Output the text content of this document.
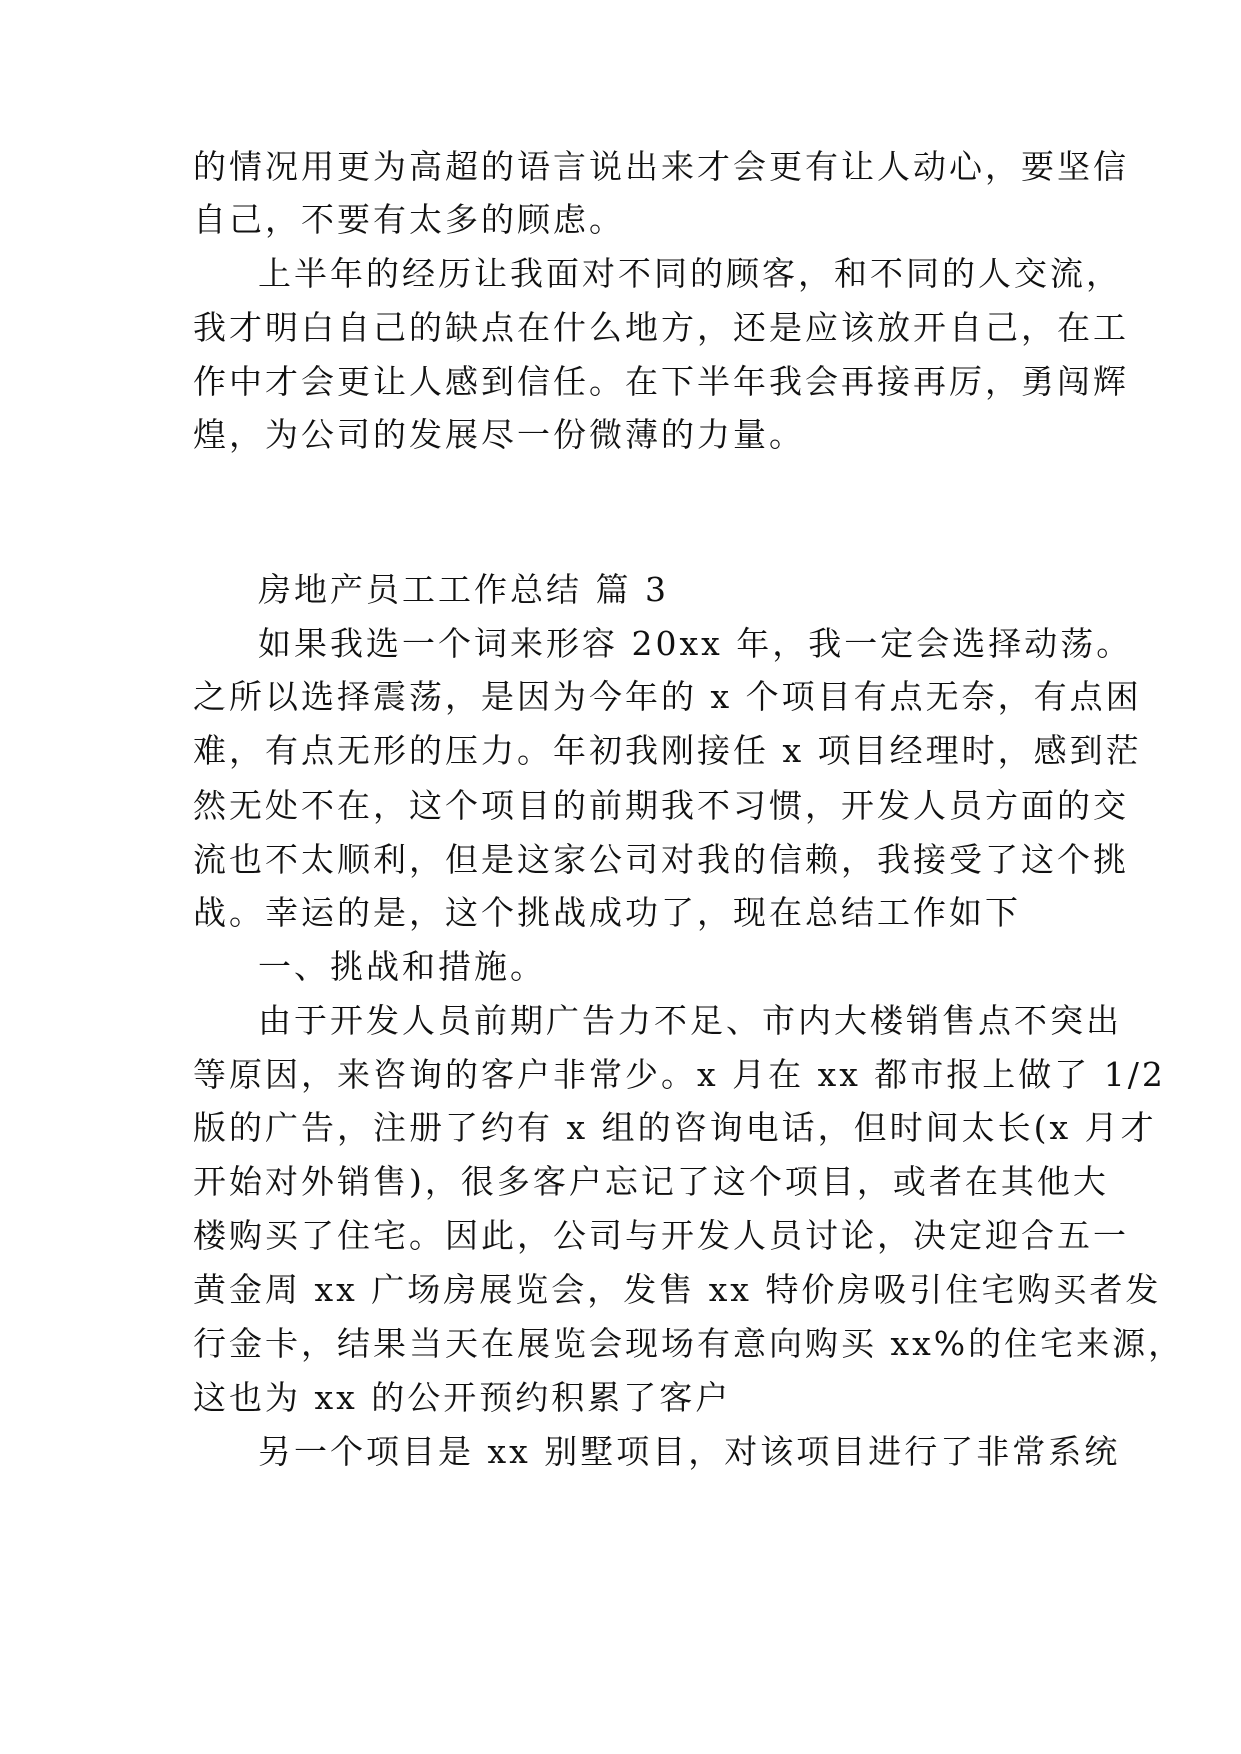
的情况用更为高超的语言说出来才会更有让人动心，要坚信
自己，不要有太多的顾虑。
上半年的经历让我面对不同的顾客，和不同的人交流，
我才明白自己的缺点在什么地方，还是应该放开自己，在工
作中才会更让人感到信任。在下半年我会再接再厉，勇闯辉
煌，为公司的发展尽一份微薄的力量。
房地产员工工作总结 篇 3
如果我选一个词来形容 20xx 年，我一定会选择动荡。
之所以选择震荡，是因为今年的 x 个项目有点无奈，有点困
难，有点无形的压力。年初我刚接任 x 项目经理时，感到茫
然无处不在，这个项目的前期我不习惯，开发人员方面的交
流也不太顺利，但是这家公司对我的信赖，我接受了这个挑
战。幸运的是，这个挑战成功了，现在总结工作如下
一、挑战和措施。
由于开发人员前期广告力不足、市内大楼销售点不突出
等原因，来咨询的客户非常少。x 月在 xx 都市报上做了 1/2
版的广告，注册了约有 x 组的咨询电话，但时间太长(x 月才
开始对外销售)，很多客户忘记了这个项目，或者在其他大
楼购买了住宅。因此，公司与开发人员讨论，决定迎合五一
黄金周 xx 广场房展览会，发售 xx 特价房吸引住宅购买者发
行金卡，结果当天在展览会现场有意向购买 xx%的住宅来源，
这也为 xx 的公开预约积累了客户
另一个项目是 xx 别墅项目，对该项目进行了非常系统
